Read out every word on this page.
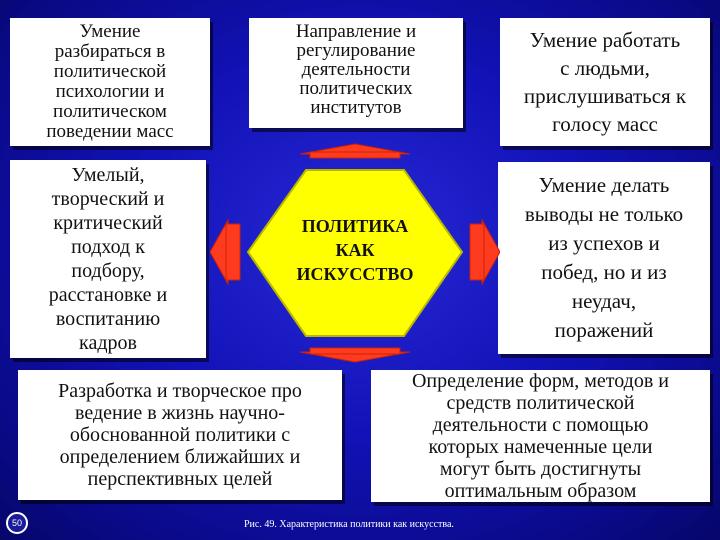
Умение
разбираться в
политической
психологии и
политическом
поведении масс
Направление и
регулирование
деятельности
политических
институтов
Умение работать
с людьми,
прислушиваться к
голосу масс
Умелый,
творческий и
критический
подход к
подбору,
расстановке и
воспитанию
кадров
Умение делать
выводы не только
из успехов и
побед, но и из
неудач,
поражений
Разработка и творческое про
ведение в жизнь научно-
обоснованной политики с
определением ближайших и
перспективных целей
Определение форм, методов и
средств политической
деятельности с помощью
которых намеченные цели
могут быть достигнуты
оптимальным образом
ПОЛИТИКА
КАК
ИСКУССТВО
50	Рис. 49. Характеристика политики как искусства.
